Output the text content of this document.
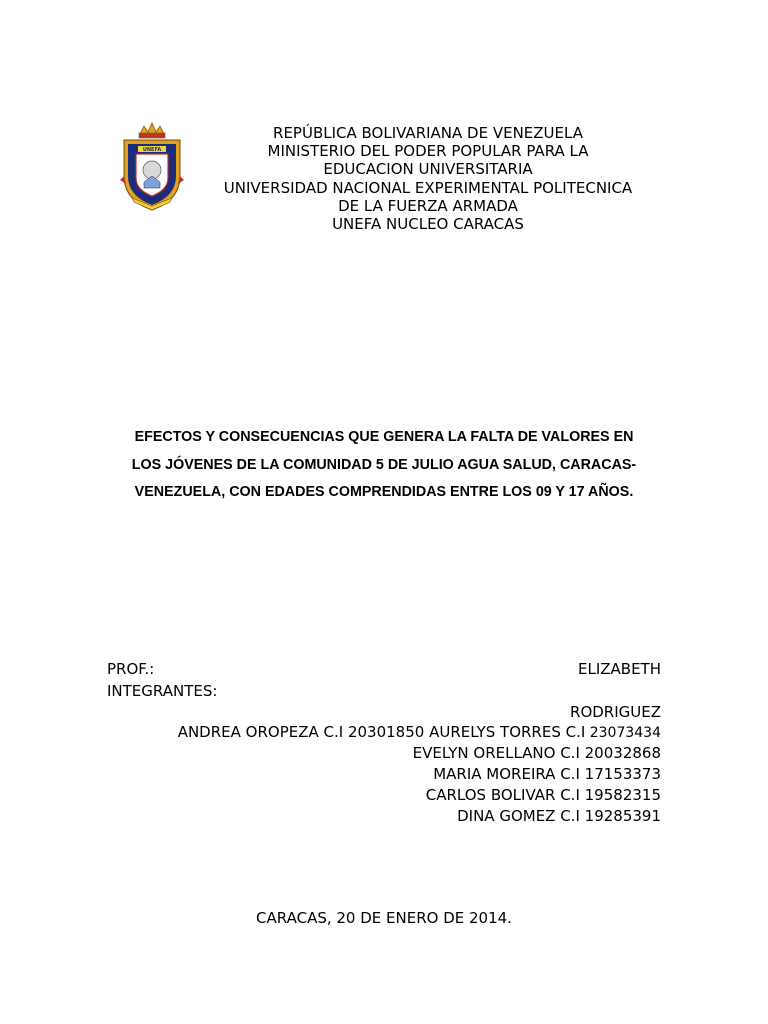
UNEFA
REPÚBLICA BOLIVARIANA DE VENEZUELA
MINISTERIO DEL PODER POPULAR PARA LA
EDUCACION UNIVERSITARIA
UNIVERSIDAD NACIONAL EXPERIMENTAL POLITECNICA
DE LA FUERZA ARMADA
UNEFA NUCLEO CARACAS
EFECTOS Y CONSECUENCIAS QUE GENERA LA FALTA DE VALORES EN
LOS JÓVENES DE LA COMUNIDAD 5 DE JULIO AGUA SALUD, CARACAS-
VENEZUELA, CON EDADES COMPRENDIDAS ENTRE LOS 09 Y 17 AÑOS.
PROF.:	ELIZABETH
INTEGRANTES:
RODRIGUEZ
ANDREA OROPEZA C.I 20301850 AURELYS TORRES C.I 23073434
EVELYN ORELLANO C.I 20032868
MARIA MOREIRA C.I 17153373
CARLOS BOLIVAR C.I 19582315
DINA GOMEZ C.I 19285391
CARACAS, 20 DE ENERO DE 2014.
